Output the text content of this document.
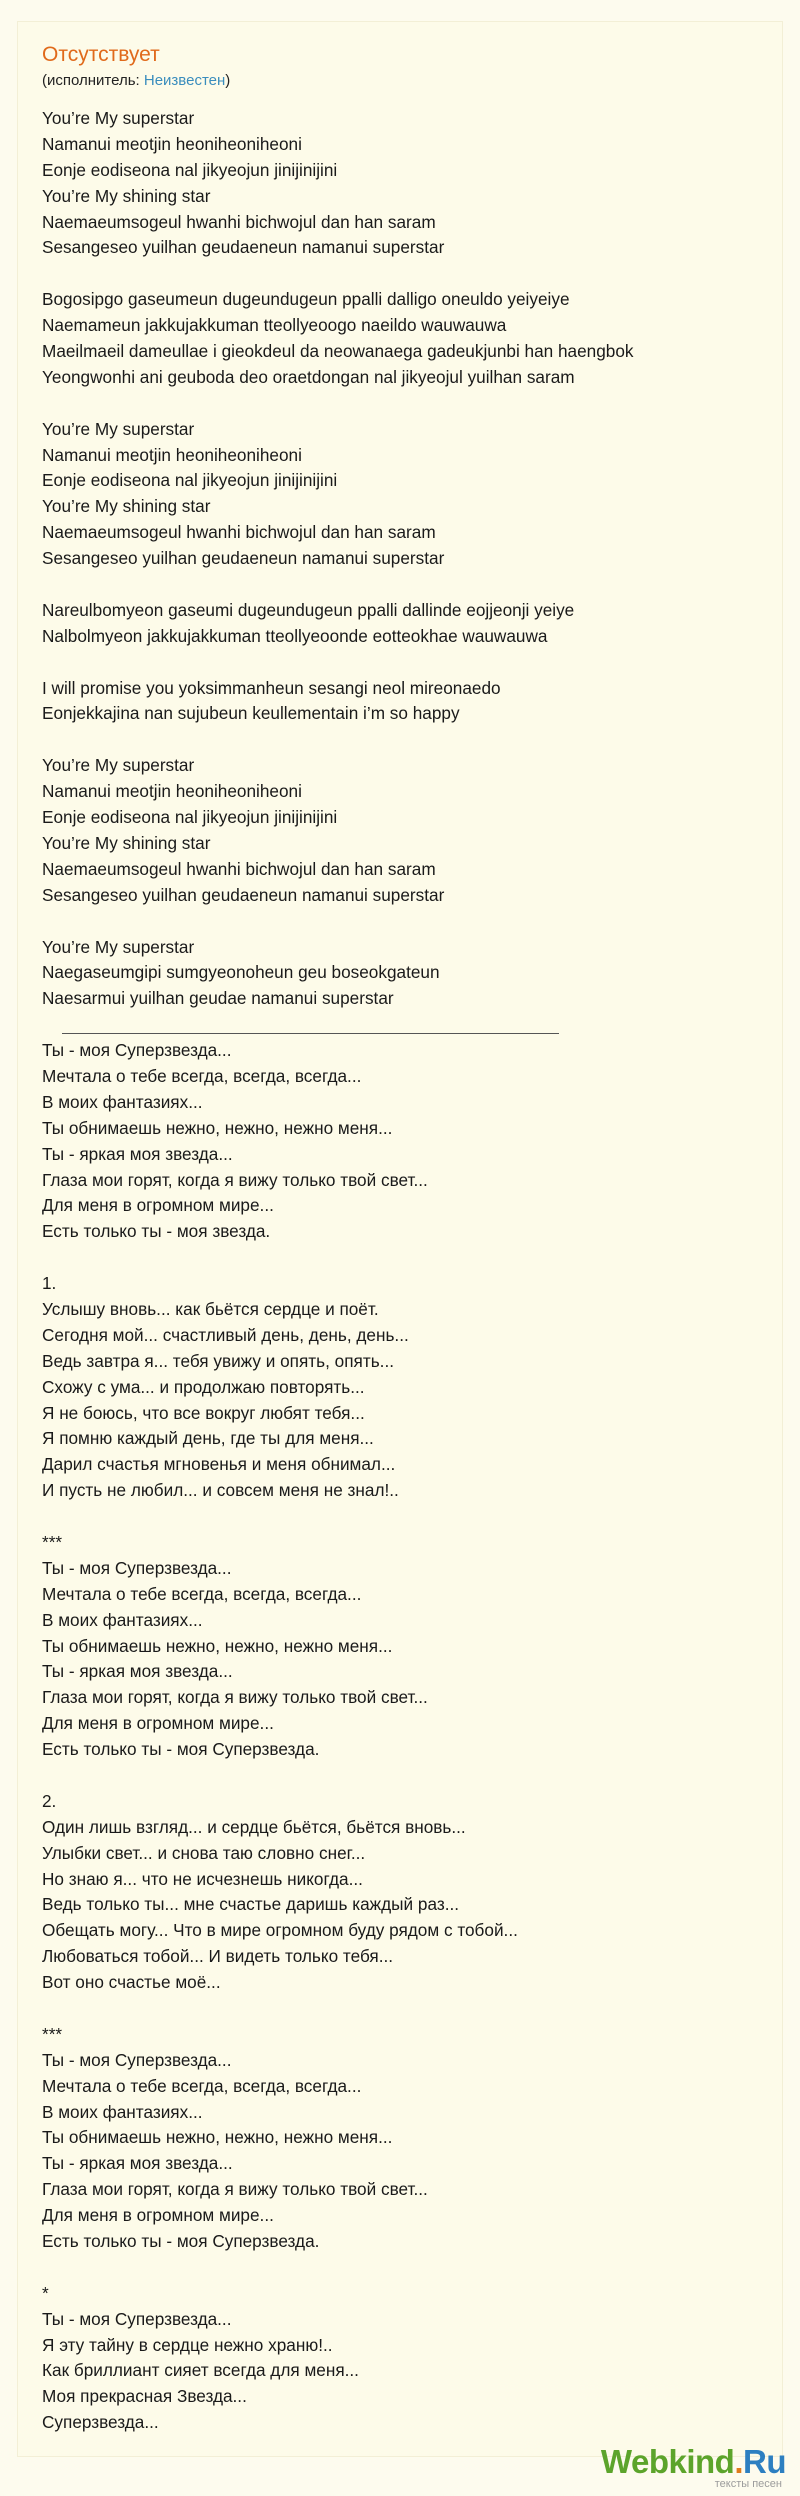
Отсутствует
(исполнитель: Неизвестен)
You’re My superstar
Namanui meotjin heoniheoniheoni
Eonje eodiseona nal jikyeojun jinijinijini
You’re My shining star
Naemaeumsogeul hwanhi bichwojul dan han saram
Sesangeseo yuilhan geudaeneun namanui superstar
Bogosipgo gaseumeun dugeundugeun ppalli dalligo oneuldo yeiyeiye
Naemameun jakkujakkuman tteollyeoogo naeildo wauwauwa
Maeilmaeil dameullae i gieokdeul da neowanaega gadeukjunbi han haengbok
Yeongwonhi ani geuboda deo oraetdongan nal jikyeojul yuilhan saram
You’re My superstar
Namanui meotjin heoniheoniheoni
Eonje eodiseona nal jikyeojun jinijinijini
You’re My shining star
Naemaeumsogeul hwanhi bichwojul dan han saram
Sesangeseo yuilhan geudaeneun namanui superstar
Nareulbomyeon gaseumi dugeundugeun ppalli dallinde eojjeonji yeiye
Nalbolmyeon jakkujakkuman tteollyeoonde eotteokhae wauwauwa
I will promise you yoksimmanheun sesangi neol mireonaedo
Eonjekkajina nan sujubeun keullementain i’m so happy
You’re My superstar
Namanui meotjin heoniheoniheoni
Eonje eodiseona nal jikyeojun jinijinijini
You’re My shining star
Naemaeumsogeul hwanhi bichwojul dan han saram
Sesangeseo yuilhan geudaeneun namanui superstar
You’re My superstar
Naegaseumgipi sumgyeonoheun geu boseokgateun
Naesarmui yuilhan geudae namanui superstar
Ты - моя Суперзвезда...
Мечтала о тебе всегда, всегда, всегда...
В моих фантазиях...
Ты обнимаешь нежно, нежно, нежно меня...
Ты - яркая моя звезда...
Глаза мои горят, когда я вижу только твой свет...
Для меня в огромном мире...
Есть только ты - моя звезда.
1.
Услышу вновь... как бьётся сердце и поёт.
Сегодня мой... счастливый день, день, день...
Ведь завтра я... тебя увижу и опять, опять...
Схожу с ума... и продолжаю повторять...
Я не боюсь, что все вокруг любят тебя...
Я помню каждый день, где ты для меня...
Дарил счастья мгновенья и меня обнимал...
И пусть не любил... и совсем меня не знал!..
***
Ты - моя Суперзвезда...
Мечтала о тебе всегда, всегда, всегда...
В моих фантазиях...
Ты обнимаешь нежно, нежно, нежно меня...
Ты - яркая моя звезда...
Глаза мои горят, когда я вижу только твой свет...
Для меня в огромном мире...
Есть только ты - моя Суперзвезда.
2.
Один лишь взгляд... и сердце бьётся, бьётся вновь...
Улыбки свет... и снова таю словно снег...
Но знаю я... что не исчезнешь никогда...
Ведь только ты... мне счастье даришь каждый раз...
Обещать могу... Что в мире огромном буду рядом с тобой...
Любоваться тобой... И видеть только тебя...
Вот оно счастье моё...
***
Ты - моя Суперзвезда...
Мечтала о тебе всегда, всегда, всегда...
В моих фантазиях...
Ты обнимаешь нежно, нежно, нежно меня...
Ты - яркая моя звезда...
Глаза мои горят, когда я вижу только твой свет...
Для меня в огромном мире...
Есть только ты - моя Суперзвезда.
*
Ты - моя Суперзвезда...
Я эту тайну в сердце нежно храню!..
Как бриллиант сияет всегда для меня...
Моя прекрасная Звезда...
Суперзвезда...
Webkind.Ru
тексты песен
